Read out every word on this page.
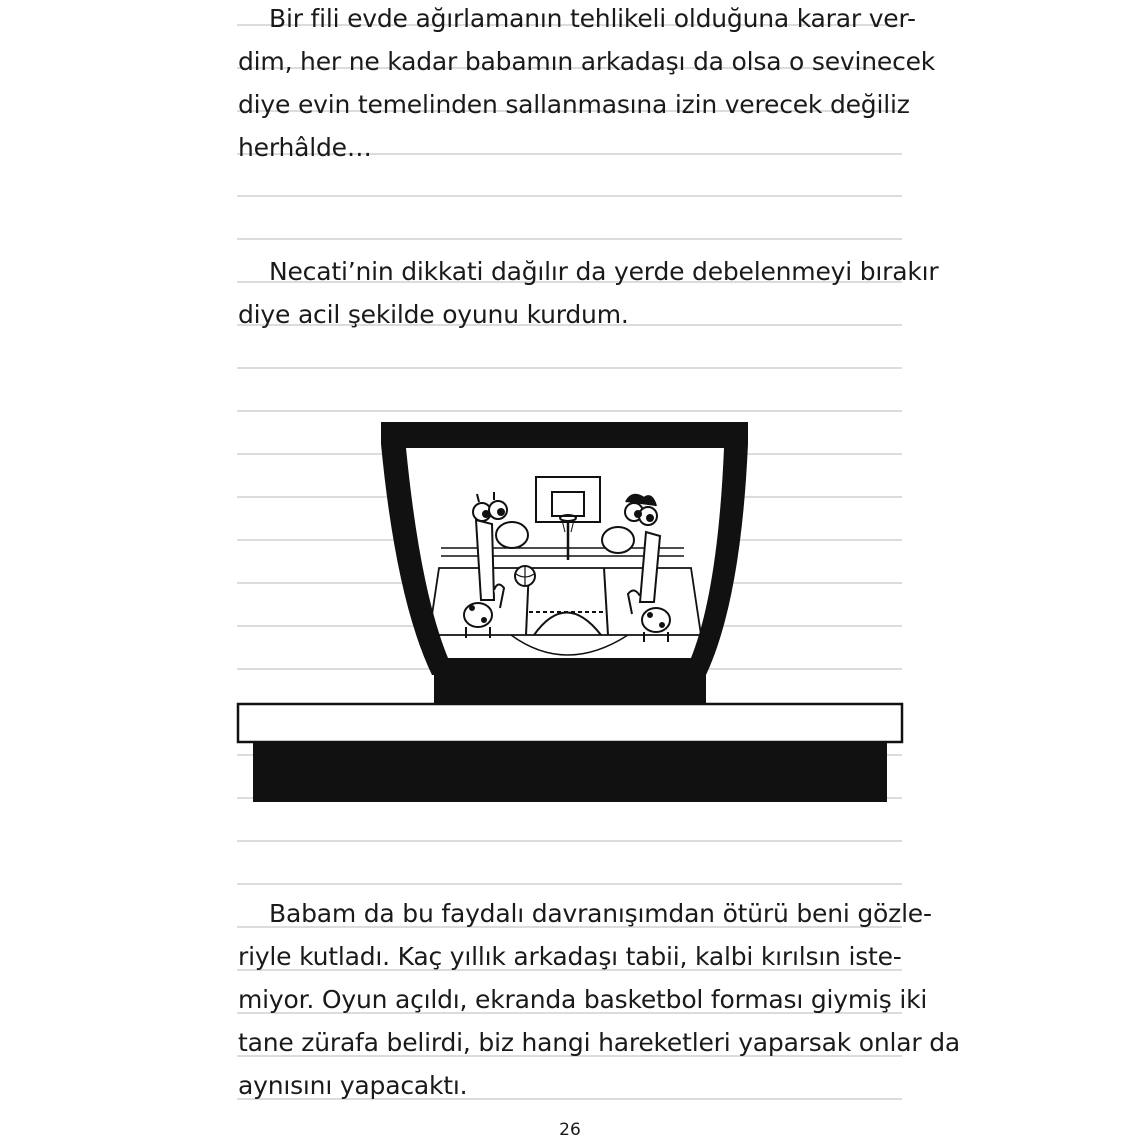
Bir fili evde ağırlamanın tehlikeli olduğuna karar ver-
dim, her ne kadar babamın arkadaşı da olsa o sevinecek
diye evin temelinden sallanmasına izin verecek değiliz
herhâlde…

Necati’nin dikkati dağılır da yerde debelenmeyi bırakır
diye acil şekilde oyunu kurdum.

Babam da bu faydalı davranışımdan ötürü beni gözle-
riyle kutladı. Kaç yıllık arkadaşı tabii, kalbi kırılsın iste-
miyor. Oyun açıldı, ekranda basketbol forması giymiş iki
tane zürafa belirdi, biz hangi hareketleri yaparsak onlar da
aynısını yapacaktı.

26
